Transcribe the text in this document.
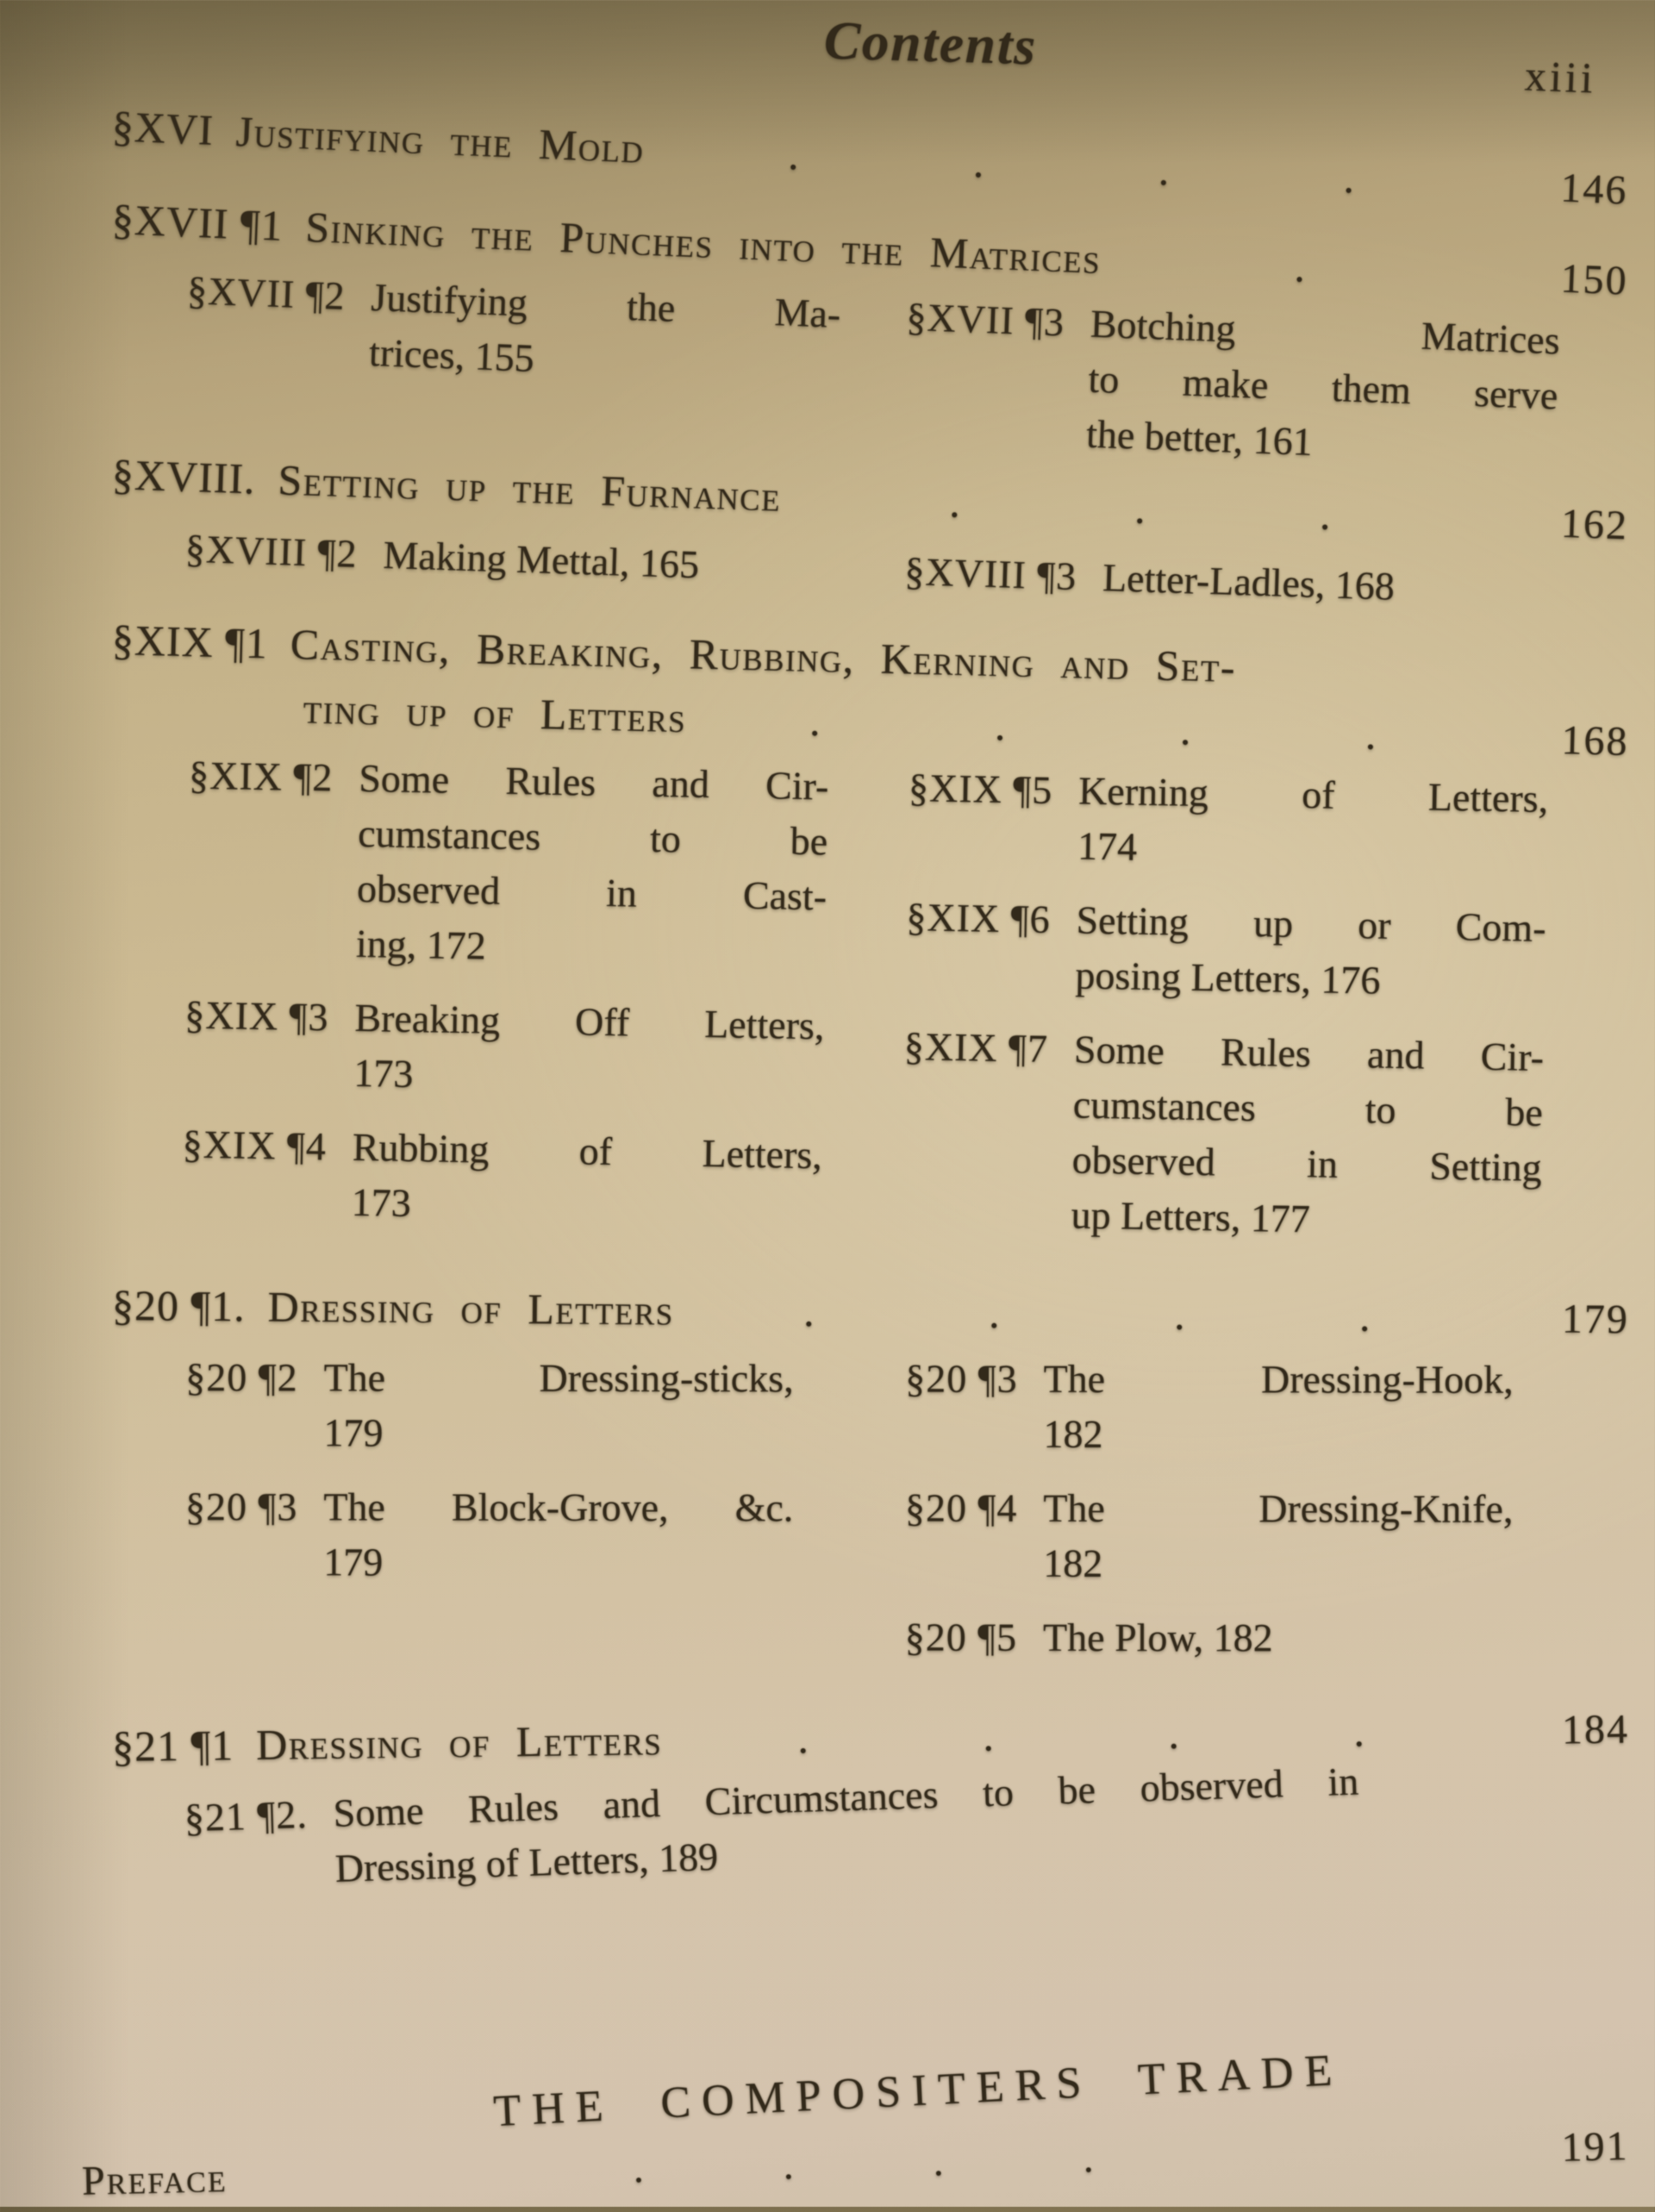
Contents
xiii
§XVI Justifying the Mold	. . . .	146
§XVII ¶1 Sinking the Punches into the Matrices	.	150
§XVII ¶2 Justifying the Ma-
trices, 155
§XVII ¶3 Botching Matrices
to make them serve
the better, 161
§XVIII. Setting up the Furnance	. . .	162
§XVIII ¶2 Making Mettal, 165	§XVIII ¶3 Letter-Ladles, 168
§XIX ¶1 Casting, Breaking, Rubbing, Kerning and Set-
ting up of Letters	. . . .	168
§XIX ¶2 Some Rules and Cir-
cumstances to be
observed in Cast-
ing, 172
§XIX ¶3 Breaking Off Letters,
173
§XIX ¶4 Rubbing of Letters,
173
§XIX ¶5 Kerning of Letters,
174
§XIX ¶6 Setting up or Com-
posing Letters, 176
§XIX ¶7 Some Rules and Cir-
cumstances to be
observed in Setting
up Letters, 177
§20 ¶1. Dressing of Letters	. . . .	179
§20 ¶2 The Dressing-sticks,
179
§20 ¶3 The Block-Grove, &c.
179
§20 ¶3 The Dressing-Hook,
182
§20 ¶4 The Dressing-Knife,
182
§20 ¶5 The Plow, 182
§21 ¶1 Dressing of Letters	. . . .	184
§21 ¶2. Some Rules and Circumstances to be observed in
Dressing of Letters, 189
THE COMPOSITERS TRADE
Preface	. . . .	191
